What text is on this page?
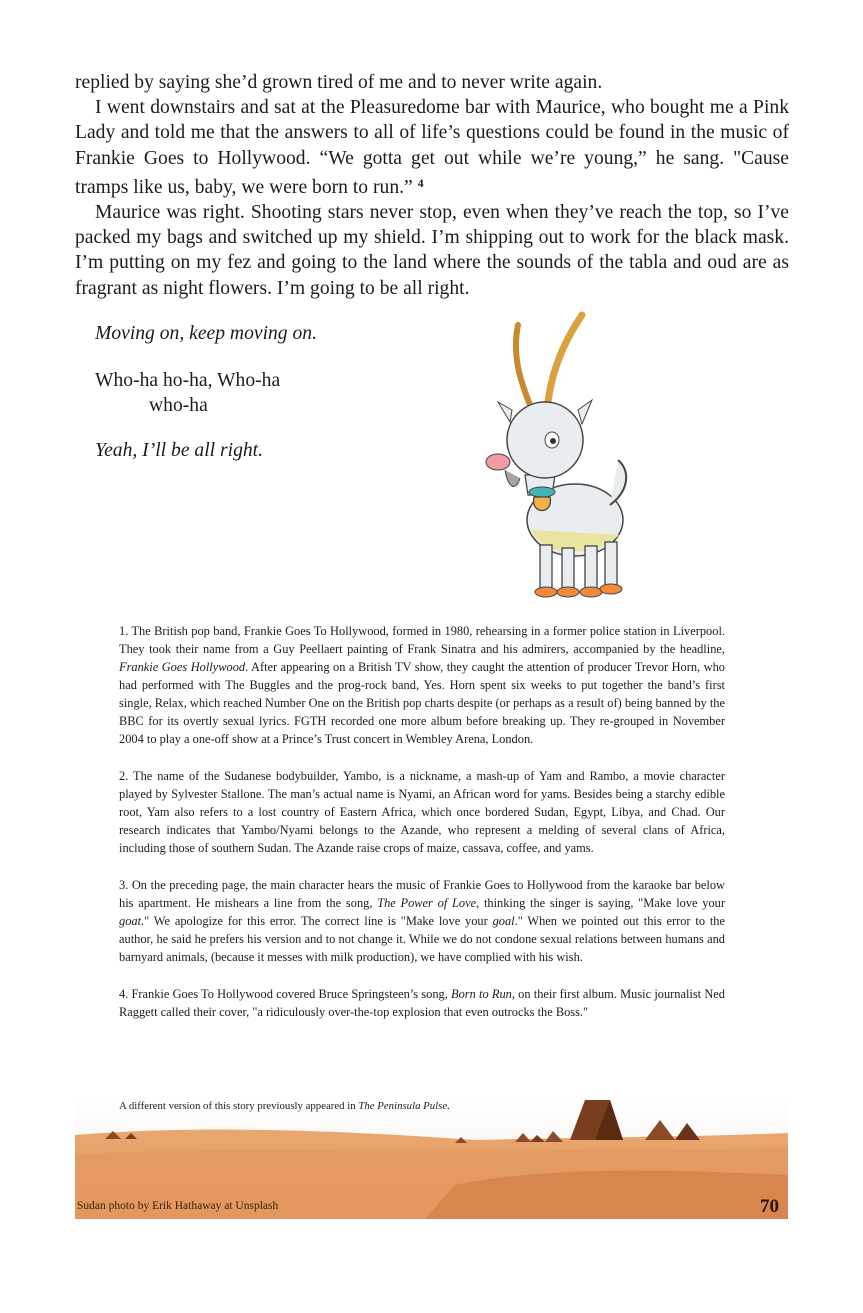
replied by saying she’d grown tired of me and to never write again.

I went downstairs and sat at the Pleasuredome bar with Maurice, who bought me a Pink Lady and told me that the answers to all of life’s questions could be found in the music of Frankie Goes to Hollywood. “We gotta get out while we’re young,” he sang. "Cause tramps like us, baby, we were born to run.” $^4$

Maurice was right. Shooting stars never stop, even when they’ve reach the top, so I’ve packed my bags and switched up my shield. I’m shipping out to work for the black mask. I’m putting on my fez and going to the land where the sounds of the tabla and oud are as fragrant as night flowers. I’m going to be all right.

Moving on, keep moving on.
Who-ha ho-ha, Who-ha
who-ha
Yeah, I’ll be all right.

1. The British pop band, Frankie Goes To Hollywood, formed in 1980, rehearsing in a former police station in Liverpool. They took their name from a Guy Peellaert painting of Frank Sinatra and his admirers, accompanied by the headline, Frankie Goes Hollywood. After appearing on a British TV show, they caught the attention of producer Trevor Horn, who had performed with The Buggles and the prog-rock band, Yes. Horn spent six weeks to put together the band’s first single, Relax, which reached Number One on the British pop charts despite (or perhaps as a result of) being banned by the BBC for its overtly sexual lyrics. FGTH recorded one more album before breaking up. They re-grouped in November 2004 to play a one-off show at a Prince’s Trust concert in Wembley Arena, London.

2. The name of the Sudanese bodybuilder, Yambo, is a nickname, a mash-up of Yam and Rambo, a movie character played by Sylvester Stallone. The man’s actual name is Nyami, an African word for yams. Besides being a starchy edible root, Yam also refers to a lost country of Eastern Africa, which once bordered Sudan, Egypt, Libya, and Chad. Our research indicates that Yambo/Nyami belongs to the Azande, who represent a melding of several clans of Africa, including those of southern Sudan. The Azande raise crops of maize, cassava, coffee, and yams.

3. On the preceding page, the main character hears the music of Frankie Goes to Hollywood from the karaoke bar below his apartment. He mishears a line from the song, The Power of Love, thinking the singer is saying, "Make love your goat." We apologize for this error. The correct line is "Make love your goal." When we pointed out this error to the author, he said he prefers his version and to not change it. While we do not condone sexual relations between humans and barnyard animals, (because it messes with milk production), we have complied with his wish.

4. Frankie Goes To Hollywood covered Bruce Springsteen’s song, Born to Run, on their first album. Music journalist Ned Raggett called their cover, "a ridiculously over-the-top explosion that even outrocks the Boss."

A different version of this story previously appeared in The Peninsula Pulse.
Sudan photo by Erik Hathaway at Unsplash	70
